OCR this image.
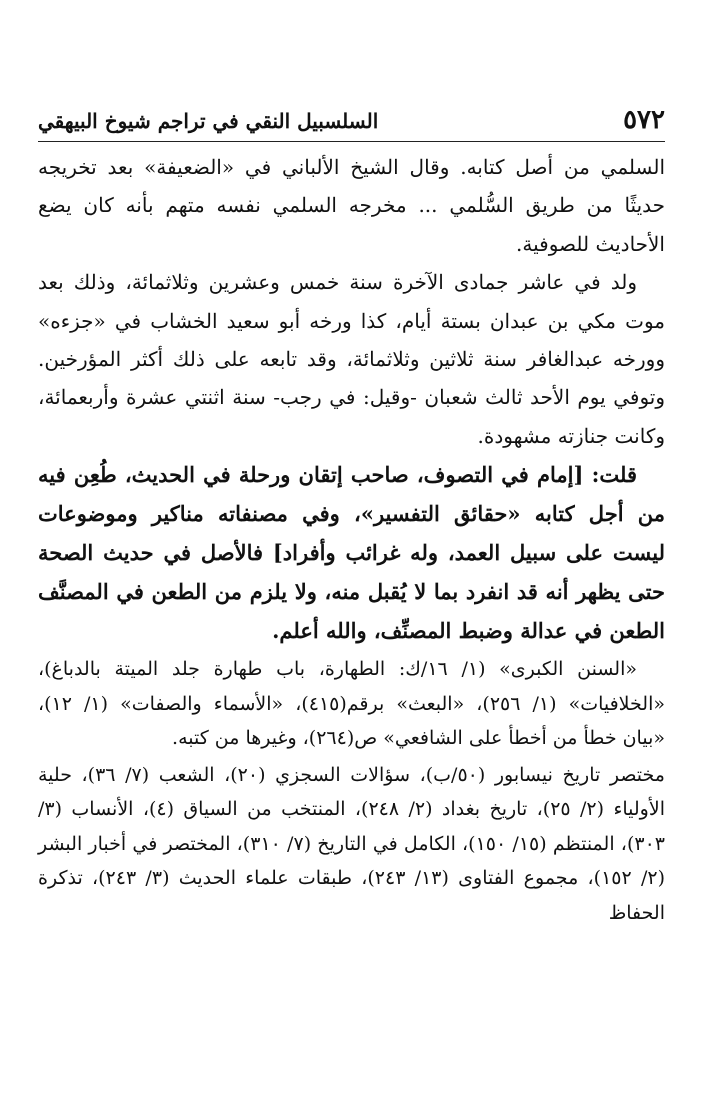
٥٧٢
السلسبيل النقي في تراجم شيوخ البيهقي

السلمي من أصل كتابه. وقال الشيخ الألباني في «الضعيفة» بعد تخريجه حديثًا من طريق السُّلمي ... مخرجه السلمي نفسه متهم بأنه كان يضع الأحاديث للصوفية.

ولد في عاشر جمادى الآخرة سنة خمس وعشرين وثلاثمائة، وذلك بعد موت مكي بن عبدان بستة أيام، كذا ورخه أبو سعيد الخشاب في «جزءه» وورخه عبدالغافر سنة ثلاثين وثلاثمائة، وقد تابعه على ذلك أكثر المؤرخين. وتوفي يوم الأحد ثالث شعبان -وقيل: في رجب- سنة اثنتي عشرة وأربعمائة، وكانت جنازته مشهودة.

قلت: [إمام في التصوف، صاحب إتقان ورحلة في الحديث، طُعِن فيه من أجل كتابه «حقائق التفسير»، وفي مصنفاته مناكير وموضوعات ليست على سبيل العمد، وله غرائب وأفراد] فالأصل في حديث الصحة حتى يظهر أنه قد انفرد بما لا يُقبل منه، ولا يلزم من الطعن في المصنَّف الطعن في عدالة وضبط المصنِّف، والله أعلم.

«السنن الكبرى» (١/ ١٦/ك: الطهارة، باب طهارة جلد الميتة بالدباغ)، «الخلافيات» (١/ ٢٥٦)، «البعث» برقم(٤١٥)، «الأسماء والصفات» (١/ ١٢)، «بيان خطأ من أخطأ على الشافعي» ص(٢٦٤)، وغيرها من كتبه.

مختصر تاريخ نيسابور (٥٠/ب)، سؤالات السجزي (٢٠)، الشعب (٧/ ٣٦)، حلية الأولياء (٢/ ٢٥)، تاريخ بغداد (٢/ ٢٤٨)، المنتخب من السياق (٤)، الأنساب (٣/ ٣٠٣)، المنتظم (١٥/ ١٥٠)، الكامل في التاريخ (٧/ ٣١٠)، المختصر في أخبار البشر (٢/ ١٥٢)، مجموع الفتاوى (١٣/ ٢٤٣)، طبقات علماء الحديث (٣/ ٢٤٣)، تذكرة الحفاظ
